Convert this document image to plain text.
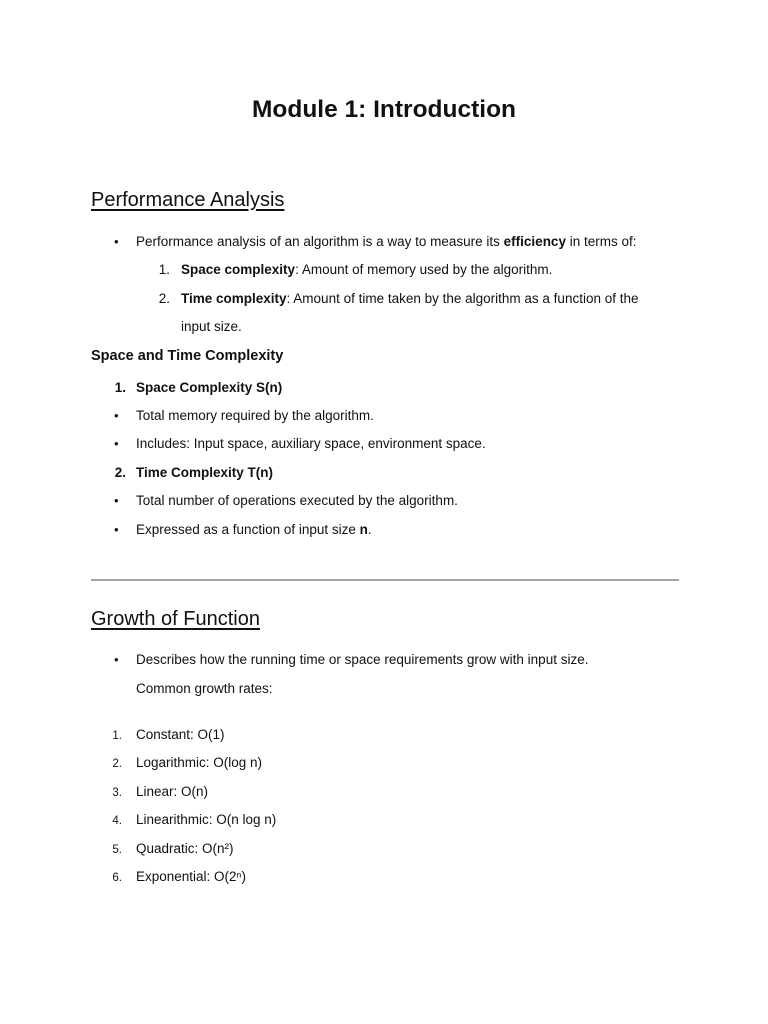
Module 1: Introduction
Performance Analysis
• Performance analysis of an algorithm is a way to measure its efficiency in terms of:
1. Space complexity: Amount of memory used by the algorithm.
2. Time complexity: Amount of time taken by the algorithm as a function of the
input size.
Space and Time Complexity
1. Space Complexity S(n)
• Total memory required by the algorithm.
• Includes: Input space, auxiliary space, environment space.
2. Time Complexity T(n)
• Total number of operations executed by the algorithm.
• Expressed as a function of input size n.
Growth of Function
• Describes how the running time or space requirements grow with input size.
Common growth rates:
1. Constant: O(1)
2. Logarithmic: O(log n)
3. Linear: O(n)
4. Linearithmic: O(n log n)
5. Quadratic: O(n²)
6. Exponential: O(2ⁿ)
